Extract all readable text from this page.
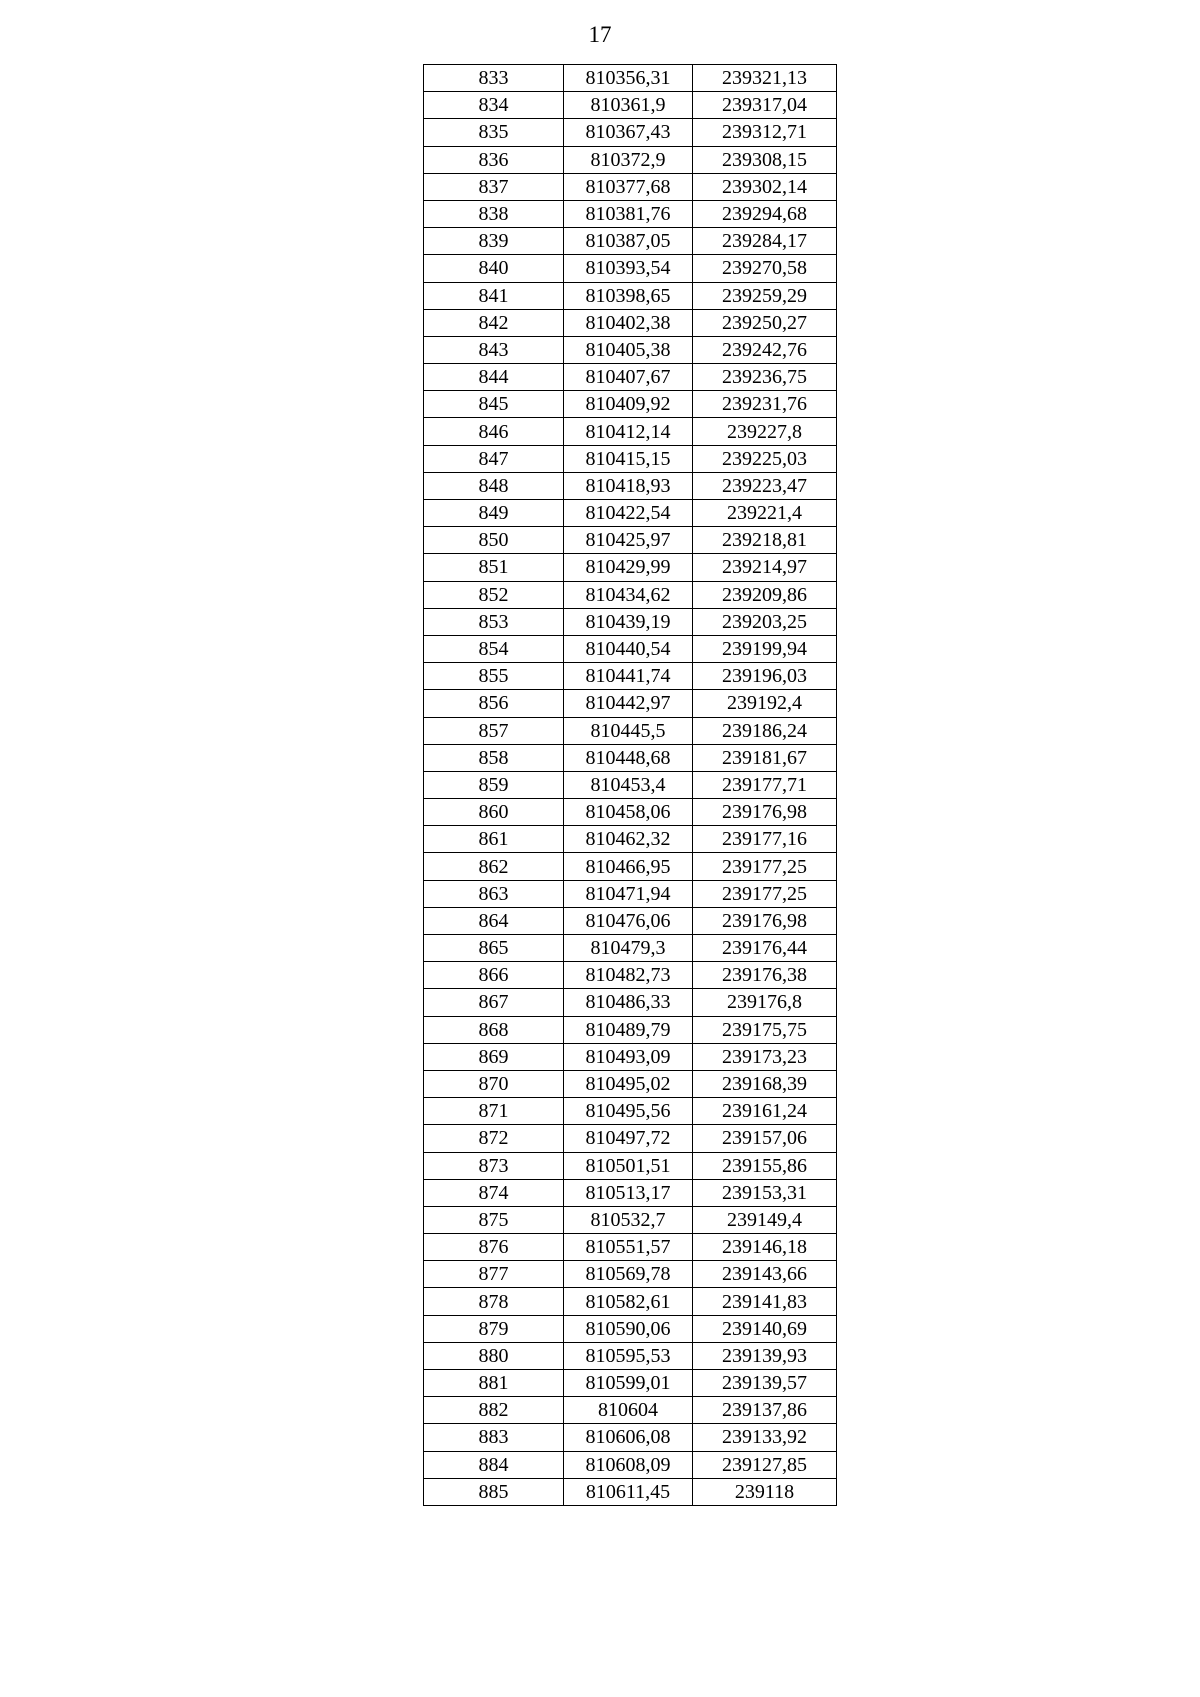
17
833	810356,31	239321,13
834	810361,9	239317,04
835	810367,43	239312,71
836	810372,9	239308,15
837	810377,68	239302,14
838	810381,76	239294,68
839	810387,05	239284,17
840	810393,54	239270,58
841	810398,65	239259,29
842	810402,38	239250,27
843	810405,38	239242,76
844	810407,67	239236,75
845	810409,92	239231,76
846	810412,14	239227,8
847	810415,15	239225,03
848	810418,93	239223,47
849	810422,54	239221,4
850	810425,97	239218,81
851	810429,99	239214,97
852	810434,62	239209,86
853	810439,19	239203,25
854	810440,54	239199,94
855	810441,74	239196,03
856	810442,97	239192,4
857	810445,5	239186,24
858	810448,68	239181,67
859	810453,4	239177,71
860	810458,06	239176,98
861	810462,32	239177,16
862	810466,95	239177,25
863	810471,94	239177,25
864	810476,06	239176,98
865	810479,3	239176,44
866	810482,73	239176,38
867	810486,33	239176,8
868	810489,79	239175,75
869	810493,09	239173,23
870	810495,02	239168,39
871	810495,56	239161,24
872	810497,72	239157,06
873	810501,51	239155,86
874	810513,17	239153,31
875	810532,7	239149,4
876	810551,57	239146,18
877	810569,78	239143,66
878	810582,61	239141,83
879	810590,06	239140,69
880	810595,53	239139,93
881	810599,01	239139,57
882	810604	239137,86
883	810606,08	239133,92
884	810608,09	239127,85
885	810611,45	239118
